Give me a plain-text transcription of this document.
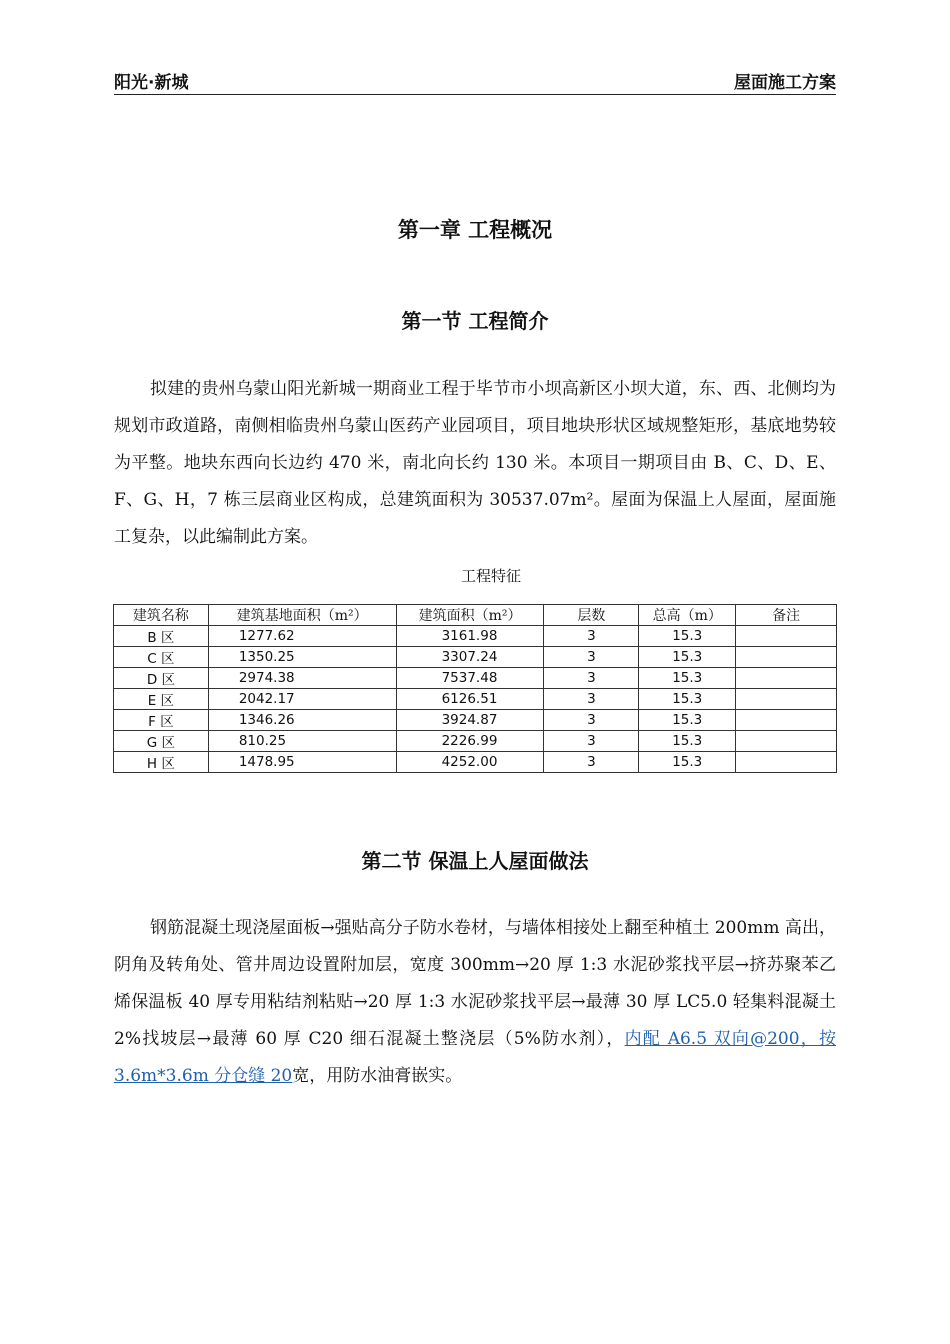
阳光·新城	屋面施工方案
第一章 工程概况
第一节 工程简介

拟建的贵州乌蒙山阳光新城一期商业工程于毕节市小坝高新区小坝大道，东、西、北侧均为规划市政道路，南侧相临贵州乌蒙山医药产业园项目，项目地块形状区域规整矩形，基底地势较为平整。地块东西向长边约 470 米，南北向长约 130 米。本项目一期项目由 B、C、D、E、F、G、H，7 栋三层商业区构成，总建筑面积为 30537.07m²。屋面为保温上人屋面，屋面施工复杂，以此编制此方案。

工程特征
建筑名称	建筑基地面积（m²）	建筑面积（m²）	层数	总高（m）	备注
B 区	1277.62	3161.98	3	15.3	
C 区	1350.25	3307.24	3	15.3	
D 区	2974.38	7537.48	3	15.3	
E 区	2042.17	6126.51	3	15.3	
F 区	1346.26	3924.87	3	15.3	
G 区	810.25	2226.99	3	15.3	
H 区	1478.95	4252.00	3	15.3	
第二节 保温上人屋面做法

钢筋混凝土现浇屋面板→强贴高分子防水卷材，与墙体相接处上翻至种植土 200mm 高出，阴角及转角处、管井周边设置附加层，宽度 300mm→20 厚 1:3 水泥砂浆找平层→挤苏聚苯乙烯保温板 40 厚专用粘结剂粘贴→20 厚 1:3 水泥砂浆找平层→最薄 30 厚 LC5.0 轻集料混凝土 2%找坡层→最薄 60 厚 C20 细石混凝土整浇层（5%防水剂），内配 A6.5 双向@200，按 3.6m*3.6m 分仓缝 20宽，用防水油膏嵌实。
